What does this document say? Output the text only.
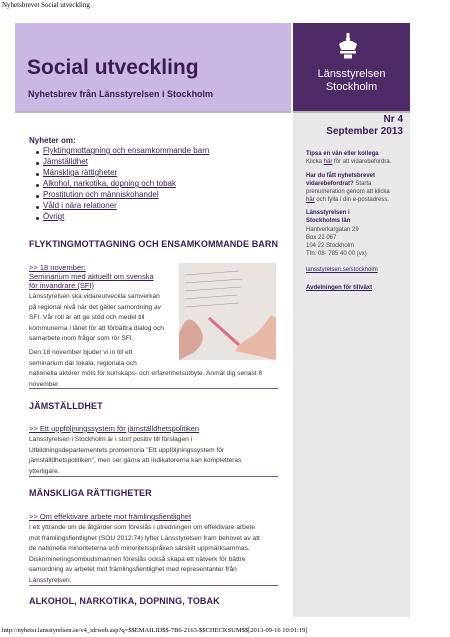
Nyhetsbrevet Social utveckling
Social utveckling
Nyhetsbrev från Länsstyrelsen i Stockholm
Länsstyrelsen
Stockholm
Nr 4
September 2013
Tipsa en vän eller kollega
Klicka här för att vidarebefordra.
Har du fått nyhetsbrevet
vidarebefordrat? Starta
prenumeration genom att klicka
här och fylla i din e-postadress.
Länsstyrelsen i
Stockholms län
Hantverkargatan 29
Box 22 067
104 22 Stockholm
Tfn: 08- 785 40 00 (vx)
lansstyrelsen.se/stockholm
Avdelningen för tillväxt
Nyheter om:
Flyktingmottagning och ensamkommande barn
Jämställdhet
Mänskliga rättigheter
Alkohol, narkotika, dopning och tobak
Prostitution och människohandel
Våld i nära relationer
Övrigt
FLYKTINGMOTTAGNING OCH ENSAMKOMMANDE BARN
>> 18 november:
Seminarium med aktuellt om svenska
för invandrare (SFI)
Länsstyrelsen ska vidareutveckla samverkan
på regional nivå när det gäller samordning av
SFI. Vår roll är att ge stöd och medel till
kommunerna i länet för att förbättra dialog och
samarbete inom frågor som rör SFI.
Den 18 november bjuder vi in till ett
seminarium där lokala, regionala och
nationella aktörer möts för kunskaps- och erfarenhetsutbyte. Anmäl dig senast 8
november.
JÄMSTÄLLDHET
>> Ett uppföljningssystem för jämställdhetspolitiken
Länsstyrelsen i Stockholm är i stort positiv till förslagen i
Utbildningsdepartementets promemoria "Ett uppföljningssystem för
jämställdhetspolitiken", men ser gärna att indikatorerna kan kompletteras
ytterligare.
MÄNSKLIGA RÄTTIGHETER
>> Om effektivare arbete mot främlingsfientlighet
I ett yttrande om de åtgärder som föreslås i utredningen om effektivare arbete
mot främlingsfientlighet (SOU 2012:74) lyfter Länsstyrelsen fram behovet av att
de nationella minoriteterna och minoritetsspråken särskilt uppmärksammas.
Diskrimineringsombudsmannen föreslås också skapa ett nätverk för bättre
samordning av arbetet mot främlingsfientlighet med representanter från
Länsstyrelsen.
ALKOHOL, NARKOTIKA, DOPNING, TOBAK
http://nyhetsr.lansstyrelsen.se/v4_idrweb.asp?q=$$EMAILID$$-7B6-2163-$$CHECKSUM$$[2013-09-16 10:01:19]
